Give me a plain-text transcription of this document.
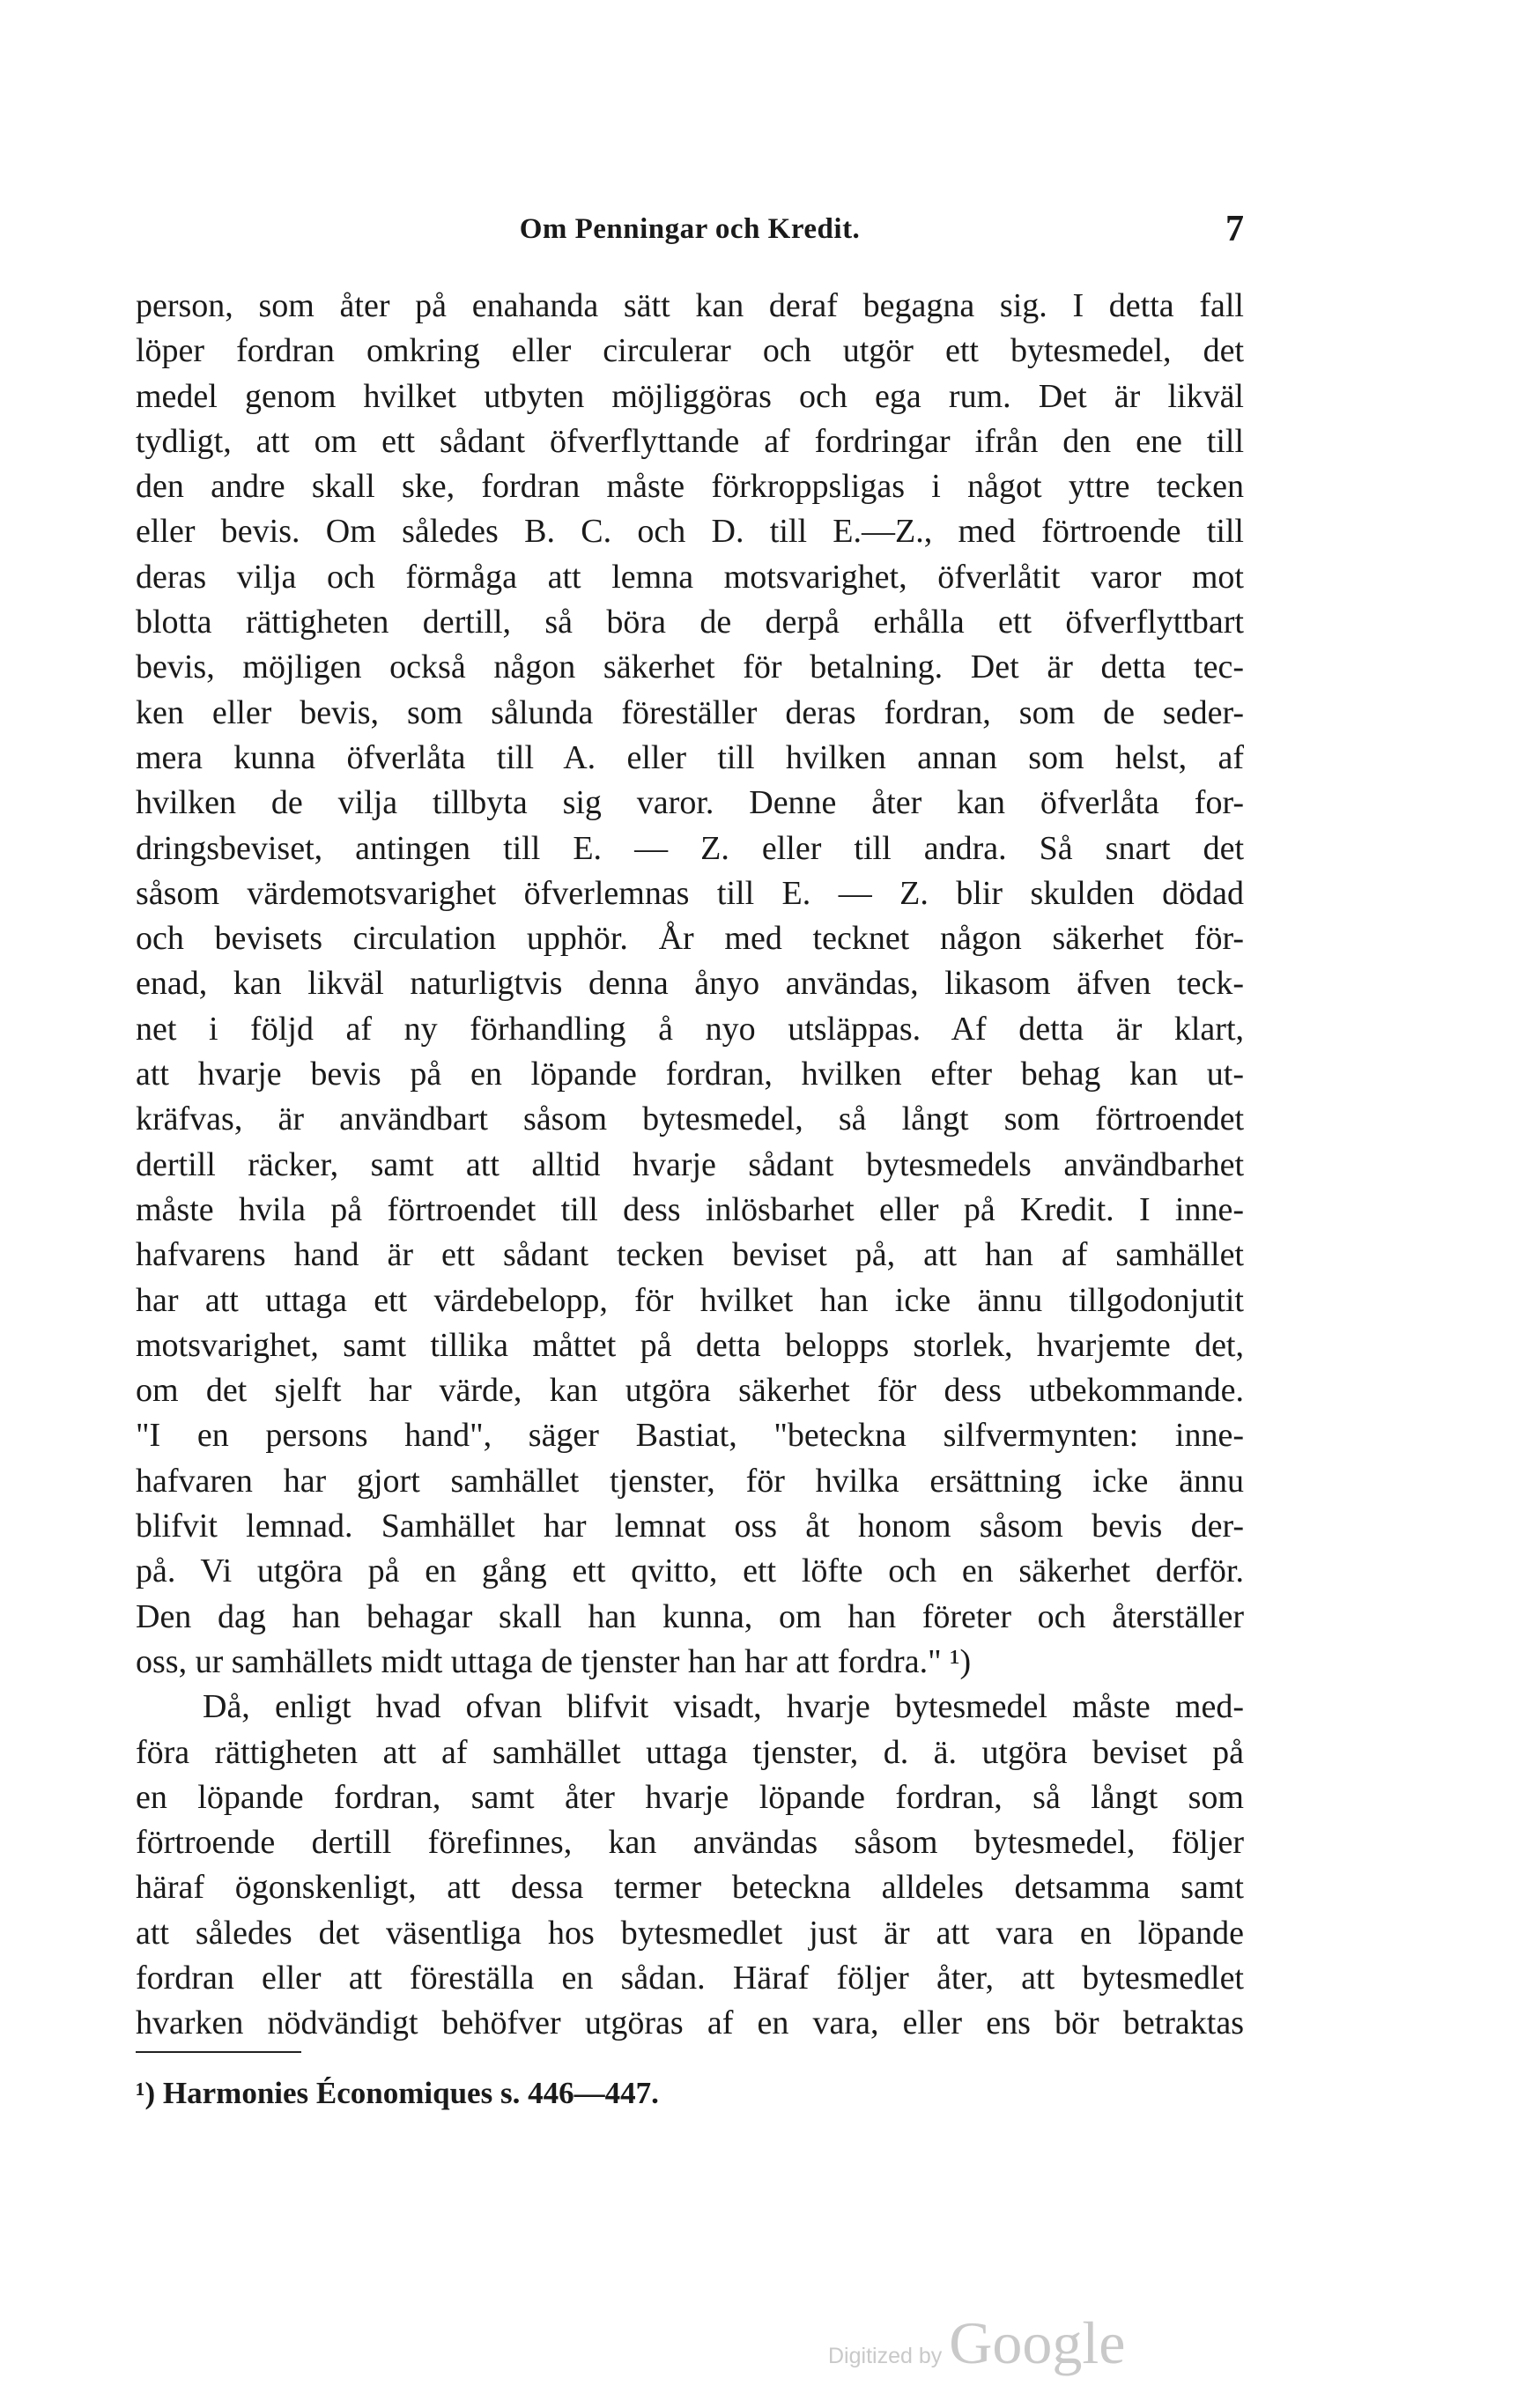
Om Penningar och Kredit.	7
person, som åter på enahanda sätt kan deraf begagna sig. I detta fall
löper fordran omkring eller circulerar och utgör ett bytesmedel, det
medel genom hvilket utbyten möjliggöras och ega rum. Det är likväl
tydligt, att om ett sådant öfverflyttande af fordringar ifrån den ene till
den andre skall ske, fordran måste förkroppsligas i något yttre tecken
eller bevis. Om således B. C. och D. till E.—Z., med förtroende till
deras vilja och förmåga att lemna motsvarighet, öfverlåtit varor mot
blotta rättigheten dertill, så böra de derpå erhålla ett öfverflyttbart
bevis, möjligen också någon säkerhet för betalning. Det är detta tec-
ken eller bevis, som sålunda föreställer deras fordran, som de seder-
mera kunna öfverlåta till A. eller till hvilken annan som helst, af
hvilken de vilja tillbyta sig varor. Denne åter kan öfverlåta for-
dringsbeviset, antingen till E. — Z. eller till andra. Så snart det
såsom värdemotsvarighet öfverlemnas till E. — Z. blir skulden dödad
och bevisets circulation upphör. År med tecknet någon säkerhet för-
enad, kan likväl naturligtvis denna ånyo användas, likasom äfven teck-
net i följd af ny förhandling å nyo utsläppas. Af detta är klart,
att hvarje bevis på en löpande fordran, hvilken efter behag kan ut-
kräfvas, är användbart såsom bytesmedel, så långt som förtroendet
dertill räcker, samt att alltid hvarje sådant bytesmedels användbarhet
måste hvila på förtroendet till dess inlösbarhet eller på Kredit. I inne-
hafvarens hand är ett sådant tecken beviset på, att han af samhället
har att uttaga ett värdebelopp, för hvilket han icke ännu tillgodonjutit
motsvarighet, samt tillika måttet på detta belopps storlek, hvarjemte det,
om det sjelft har värde, kan utgöra säkerhet för dess utbekommande.
"I en persons hand", säger Bastiat, "beteckna silfvermynten: inne-
hafvaren har gjort samhället tjenster, för hvilka ersättning icke ännu
blifvit lemnad. Samhället har lemnat oss åt honom såsom bevis der-
på. Vi utgöra på en gång ett qvitto, ett löfte och en säkerhet derför.
Den dag han behagar skall han kunna, om han företer och återställer
oss, ur samhällets midt uttaga de tjenster han har att fordra." ¹)
Då, enligt hvad ofvan blifvit visadt, hvarje bytesmedel måste med-
föra rättigheten att af samhället uttaga tjenster, d. ä. utgöra beviset på
en löpande fordran, samt åter hvarje löpande fordran, så långt som
förtroende dertill förefinnes, kan användas såsom bytesmedel, följer
häraf ögonskenligt, att dessa termer beteckna alldeles detsamma samt
att således det väsentliga hos bytesmedlet just är att vara en löpande
fordran eller att föreställa en sådan. Häraf följer åter, att bytesmedlet
hvarken nödvändigt behöfver utgöras af en vara, eller ens bör betraktas
¹) Harmonies Économiques s. 446—447.
Digitized by Google
